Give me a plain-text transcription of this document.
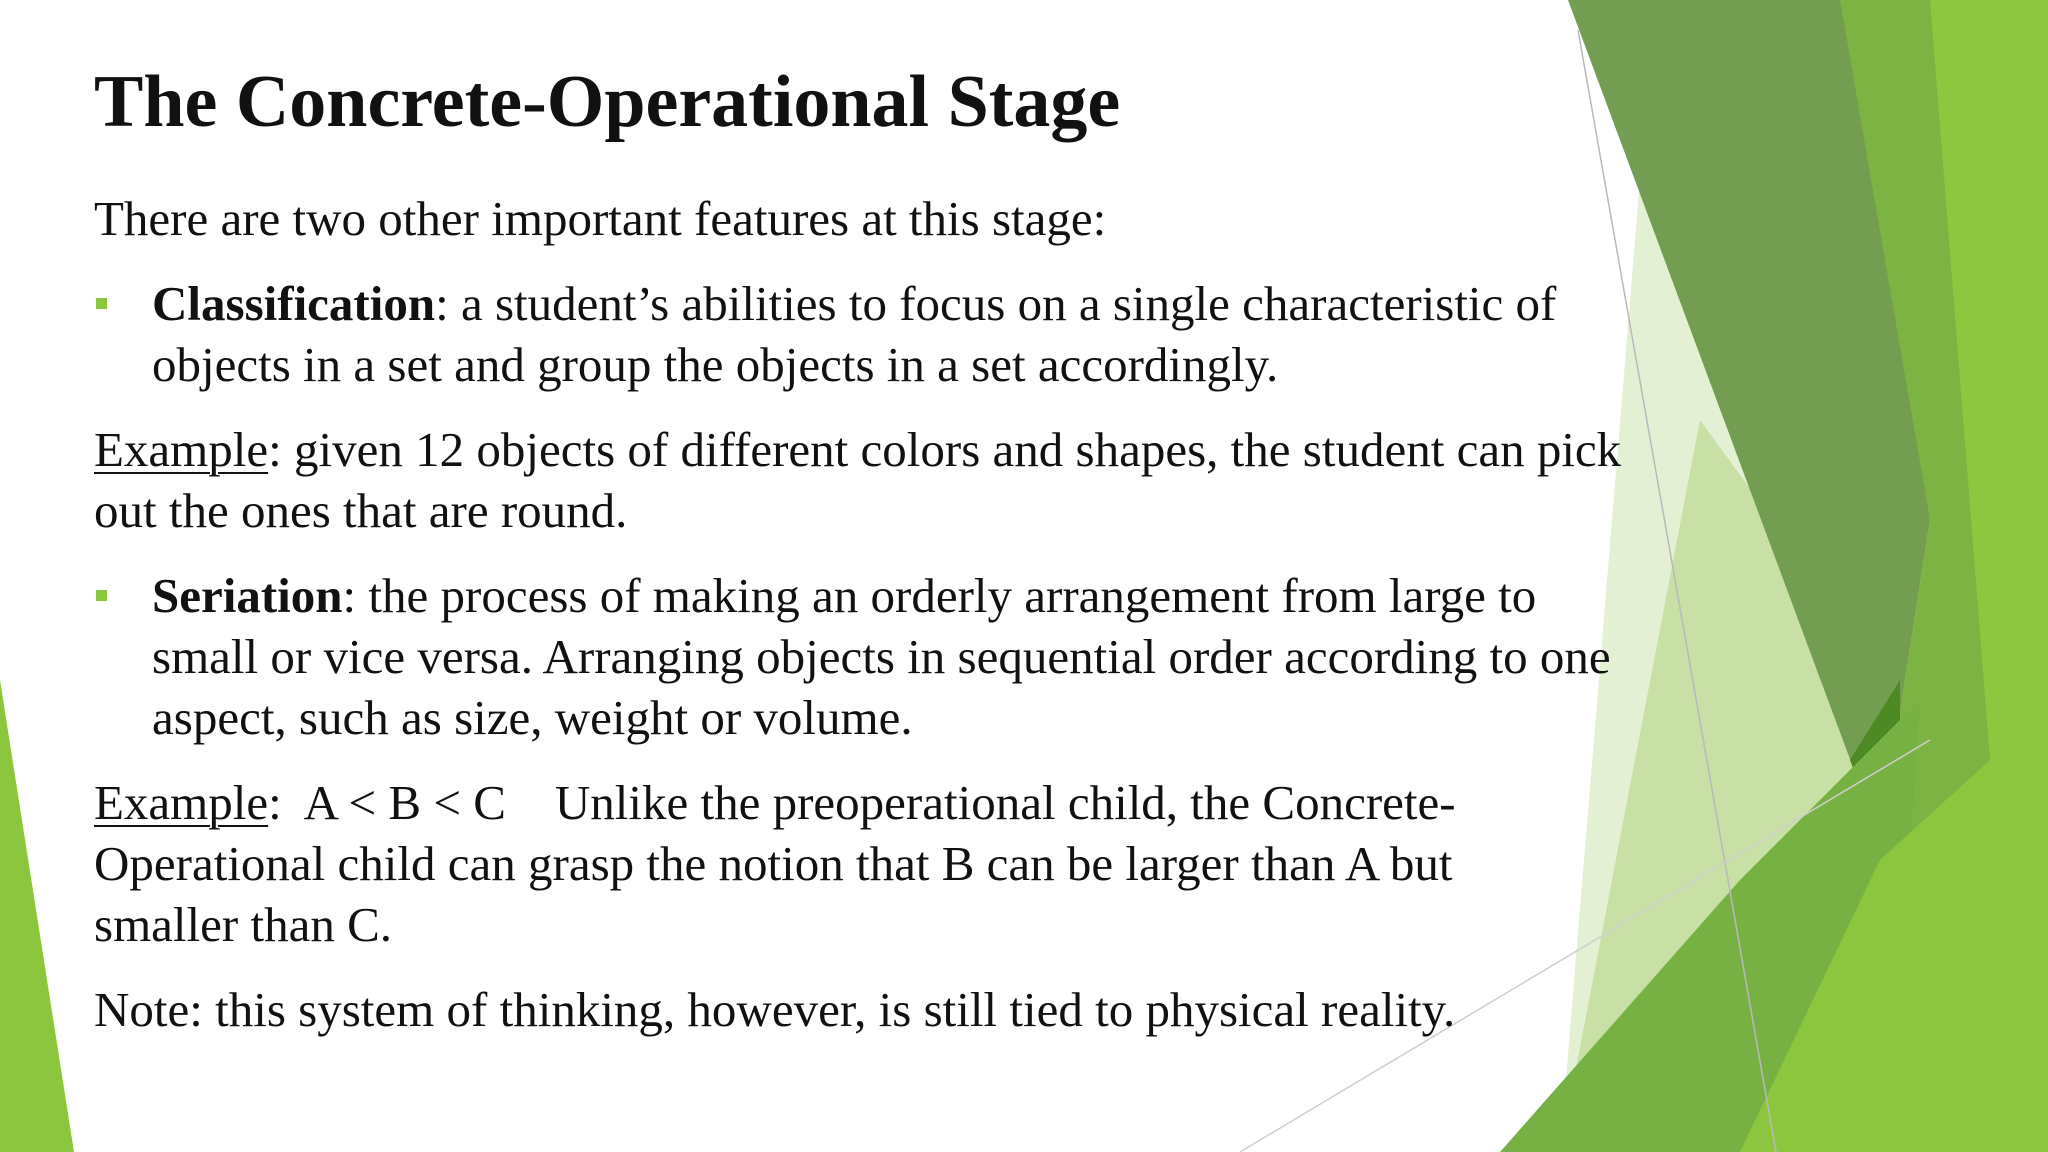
The Concrete-Operational Stage

There are two other important features at this stage:

Classification: a student’s abilities to focus on a single characteristic of objects in a set and group the objects in a set accordingly.

Example: given 12 objects of different colors and shapes, the student can pick out the ones that are round.

Seriation: the process of making an orderly arrangement from large to small or vice versa. Arranging objects in sequential order according to one aspect, such as size, weight or volume.

Example:  A < B < C    Unlike the preoperational child, the Concrete-
Operational child can grasp the notion that B can be larger than A but
smaller than C.

Note: this system of thinking, however, is still tied to physical reality.
